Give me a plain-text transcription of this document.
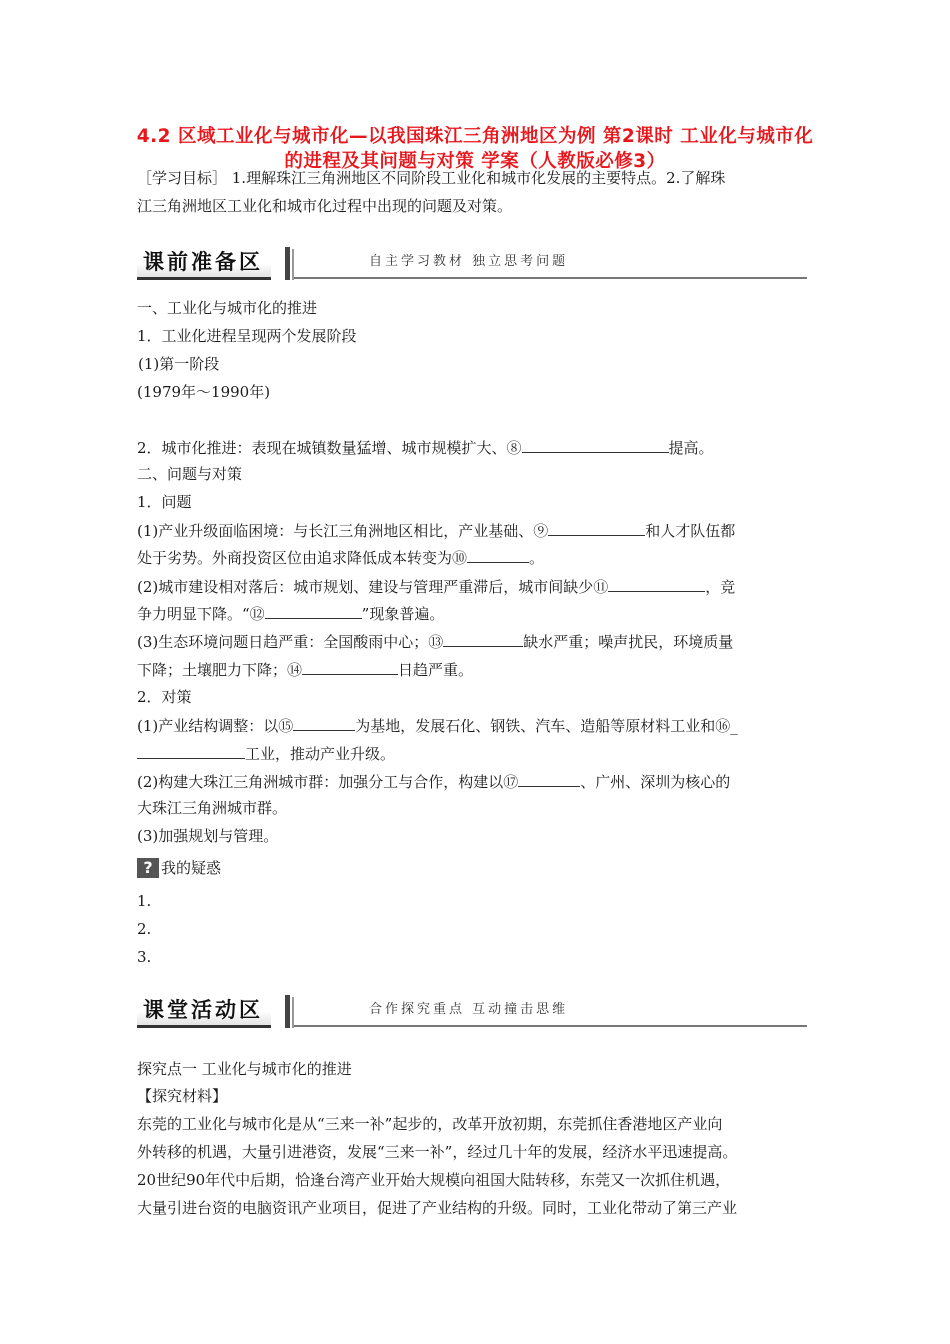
4.2 区域工业化与城市化—以我国珠江三角洲地区为例 第2课时 工业化与城市化的进程及其问题与对策 学案（人教版必修3）
［学习目标］ 1.理解珠江三角洲地区不同阶段工业化和城市化发展的主要特点。2.了解珠
江三角洲地区工业化和城市化过程中出现的问题及对策。
课前准备区	自主学习教材 独立思考问题
一、工业化与城市化的推进
1．工业化进程呈现两个发展阶段
(1)第一阶段
(1979年～1990年)
2．城市化推进：表现在城镇数量猛增、城市规模扩大、⑧	提高。
二、问题与对策
1．问题
(1)产业升级面临困境：与长江三角洲地区相比，产业基础、⑨	和人才队伍都
处于劣势。外商投资区位由追求降低成本转变为⑩	。
(2)城市建设相对落后：城市规划、建设与管理严重滞后，城市间缺少⑪	，竞
争力明显下降。“⑫	”现象普遍。
(3)生态环境问题日趋严重：全国酸雨中心；⑬	缺水严重；噪声扰民，环境质量
下降；土壤肥力下降；⑭	日趋严重。
2．对策
(1)产业结构调整：以⑮	为基地，发展石化、钢铁、汽车、造船等原材料工业和⑯_
工业，推动产业升级。
(2)构建大珠江三角洲城市群：加强分工与合作，构建以⑰	、广州、深圳为核心的
大珠江三角洲城市群。
(3)加强规划与管理。
? 我的疑惑
1.
2.
3.
课堂活动区	合作探究重点 互动撞击思维
探究点一 工业化与城市化的推进
【探究材料】
东莞的工业化与城市化是从“三来一补”起步的，改革开放初期，东莞抓住香港地区产业向
外转移的机遇，大量引进港资，发展“三来一补”，经过几十年的发展，经济水平迅速提高。
20世纪90年代中后期，恰逢台湾产业开始大规模向祖国大陆转移，东莞又一次抓住机遇，
大量引进台资的电脑资讯产业项目，促进了产业结构的升级。同时，工业化带动了第三产业
